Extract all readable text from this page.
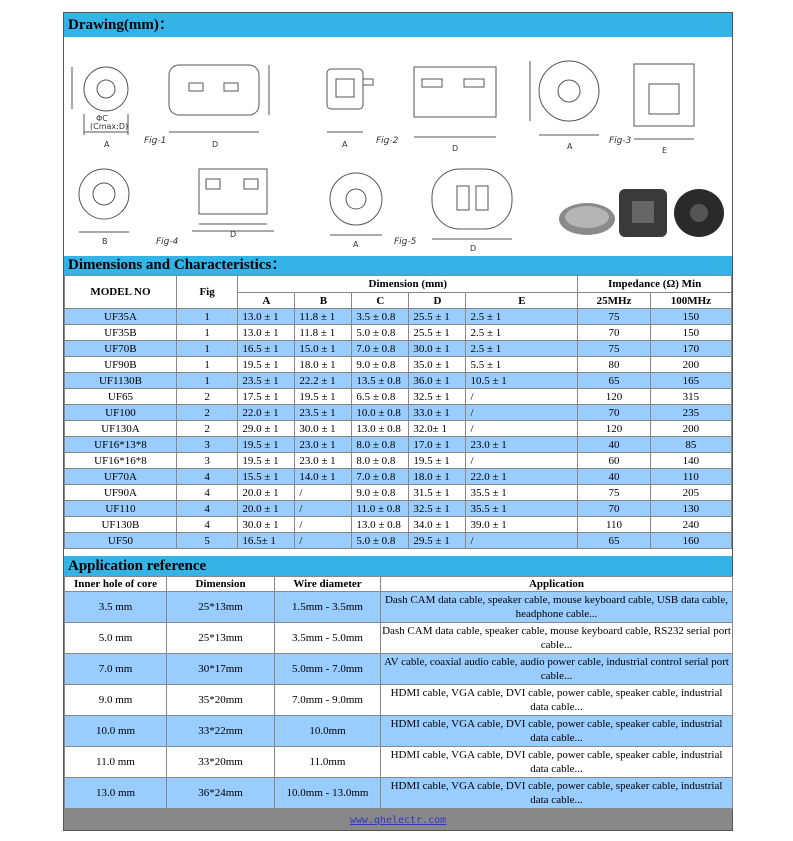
Drawing(mm)：
A	D	A	D	A	E
B
D
A	D
ΦC
(Cmax:D)
Fig-1	Fig-2	Fig-3
Fig-4	Fig-5
Dimensions and Characteristics：
MODEL NO	Fig	Dimension (mm)					Impedance (Ω) Min	
		A	B	C	D	E	25MHz	100MHz
UF35A	1	13.0 ± 1	11.8 ± 1	3.5 ± 0.8	25.5 ± 1	2.5 ± 1	75	150
UF35B	1	13.0 ± 1	11.8 ± 1	5.0 ± 0.8	25.5 ± 1	2.5 ± 1	70	150
UF70B	1	16.5 ± 1	15.0 ± 1	7.0 ± 0.8	30.0 ± 1	2.5 ± 1	75	170
UF90B	1	19.5 ± 1	18.0 ± 1	9.0 ± 0.8	35.0 ± 1	5.5 ± 1	80	200
UF1130B	1	23.5 ± 1	22.2 ± 1	13.5 ± 0.8	36.0 ± 1	10.5 ± 1	65	165
UF65	2	17.5 ± 1	19.5 ± 1	6.5 ± 0.8	32.5 ± 1	/	120	315
UF100	2	22.0 ± 1	23.5 ± 1	10.0 ± 0.8	33.0 ± 1	/	70	235
UF130A	2	29.0 ± 1	30.0 ± 1	13.0 ± 0.8	32.0± 1	/	120	200
UF16*13*8	3	19.5 ± 1	23.0 ± 1	8.0 ± 0.8	17.0 ± 1	23.0 ± 1	40	85
UF16*16*8	3	19.5 ± 1	23.0 ± 1	8.0 ± 0.8	19.5 ± 1	/	60	140
UF70A	4	15.5 ± 1	14.0 ± 1	7.0 ± 0.8	18.0 ± 1	22.0 ± 1	40	110
UF90A	4	20.0 ± 1	/	9.0 ± 0.8	31.5 ± 1	35.5 ± 1	75	205
UF110	4	20.0 ± 1	/	11.0 ± 0.8	32.5 ± 1	35.5 ± 1	70	130
UF130B	4	30.0 ± 1	/	13.0 ± 0.8	34.0 ± 1	39.0 ± 1	110	240
UF50	5	16.5± 1	/	5.0 ± 0.8	29.5 ± 1	/	65	160
Application reference
Inner hole of core	Dimension	Wire diameter	Application
3.5 mm	25*13mm	1.5mm - 3.5mm	Dash CAM data cable, speaker cable, mouse keyboard cable, USB data cable, headphone cable...
5.0 mm	25*13mm	3.5mm - 5.0mm	Dash CAM data cable, speaker cable, mouse keyboard cable, RS232 serial port cable...
7.0 mm	30*17mm	5.0mm - 7.0mm	AV cable, coaxial audio cable, audio power cable, industrial control serial port cable...
9.0 mm	35*20mm	7.0mm - 9.0mm	HDMI cable, VGA cable, DVI cable, power cable, speaker cable, industrial data cable...
10.0 mm	33*22mm	10.0mm	HDMI cable, VGA cable, DVI cable, power cable, speaker cable, industrial data cable...
11.0 mm	33*20mm	11.0mm	HDMI cable, VGA cable, DVI cable, power cable, speaker cable, industrial data cable...
13.0 mm	36*24mm	10.0mm - 13.0mm	HDMI cable, VGA cable, DVI cable, power cable, speaker cable, industrial data cable...
www.qhelectr.com
